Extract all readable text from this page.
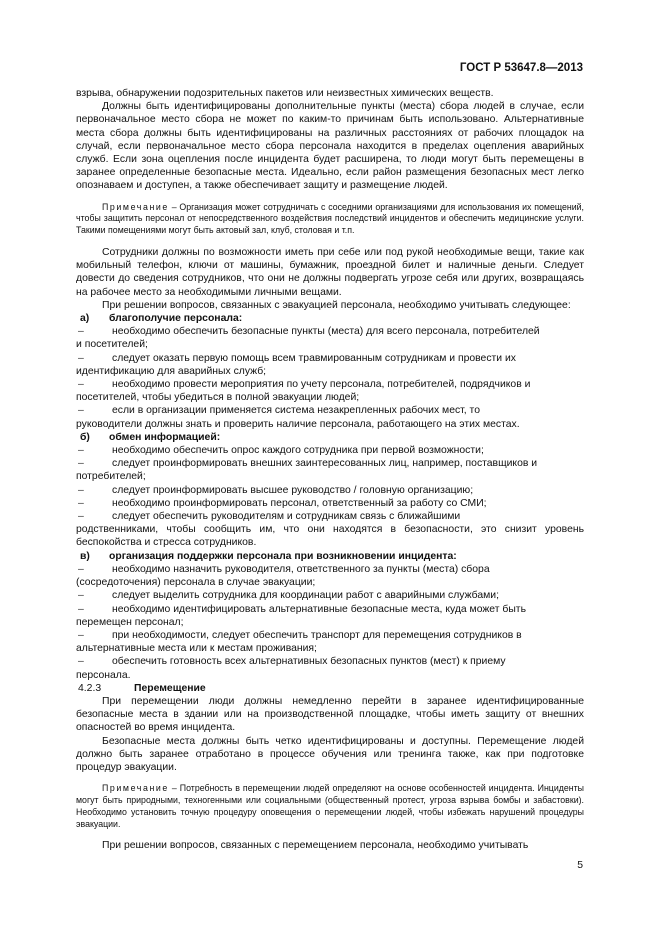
ГОСТ Р 53647.8—2013

взрыва, обнаружении подозрительных пакетов или неизвестных химических веществ.

Должны быть идентифицированы дополнительные пункты (места) сбора людей в случае, если первоначальное место сбора не может по каким-то причинам быть использовано. Альтернативные места сбора должны быть идентифицированы на различных расстояниях от рабочих площадок на случай, если первоначальное место сбора персонала находится в пределах оцепления аварийных служб. Если зона оцепления после инцидента будет расширена, то люди могут быть перемещены в заранее определенные безопасные места. Идеально, если район размещения безопасных мест легко опознаваем и доступен, а также обеспечивает защиту и размещение людей.

Примечание – Организация может сотрудничать с соседними организациями для использования их помещений, чтобы защитить персонал от непосредственного воздействия последствий инцидентов и обеспечить медицинские услуги. Такими помещениями могут быть актовый зал, клуб, столовая и т.п.

Сотрудники должны по возможности иметь при себе или под рукой необходимые вещи, такие как мобильный телефон, ключи от машины, бумажник, проездной билет и наличные деньги. Следует довести до сведения сотрудников, что они не должны подвергать угрозе себя или других, возвращаясь на рабочее место за необходимыми личными вещами.

При решении вопросов, связанных с эвакуацией персонала, необходимо учитывать следующее:

а)	благополучие персонала:
–	необходимо обеспечить безопасные пункты (места) для всего персонала, потребителей
и посетителей;
–	следует оказать первую помощь всем травмированным сотрудникам и провести их
идентификацию для аварийных служб;
–	необходимо провести мероприятия по учету персонала, потребителей, подрядчиков и
посетителей, чтобы убедиться в полной эвакуации людей;
–	если в организации применяется система незакрепленных рабочих мест, то
руководители должны знать и проверить наличие персонала, работающего на этих местах.
б)	обмен информацией:
–	необходимо обеспечить опрос каждого сотрудника при первой возможности;
–	следует проинформировать внешних заинтересованных лиц, например, поставщиков и
потребителей;
–	следует проинформировать высшее руководство / головную организацию;
–	необходимо проинформировать персонал, ответственный за работу со СМИ;
–	следует обеспечить руководителям и сотрудникам связь с ближайшими
родственниками, чтобы сообщить им, что они находятся в безопасности, это снизит уровень беспокойства и стресса сотрудников.
в)	организация поддержки персонала при возникновении инцидента:
–	необходимо назначить руководителя, ответственного за пункты (места) сбора
(сосредоточения) персонала в случае эвакуации;
–	следует выделить сотрудника для координации работ с аварийными службами;
–	необходимо идентифицировать альтернативные безопасные места, куда может быть
перемещен персонал;
–	при необходимости, следует обеспечить транспорт для перемещения сотрудников в
альтернативные места или к местам проживания;
–	обеспечить готовность всех альтернативных безопасных пунктов (мест) к приему
персонала.
4.2.3	Перемещение

При перемещении люди должны немедленно перейти в заранее идентифицированные безопасные места в здании или на производственной площадке, чтобы иметь защиту от внешних опасностей во время инцидента.

Безопасные места должны быть четко идентифицированы и доступны. Перемещение людей должно быть заранее отработано в процессе обучения или тренинга также, как при подготовке процедур эвакуации.

Примечание – Потребность в перемещении людей определяют на основе особенностей инцидента. Инциденты могут быть природными, техногенными или социальными (общественный протест, угроза взрыва бомбы и забастовки). Необходимо установить точную процедуру оповещения о перемещении людей, чтобы избежать нарушений процедуры эвакуации.

При решении вопросов, связанных с перемещением персонала, необходимо учитывать

5
